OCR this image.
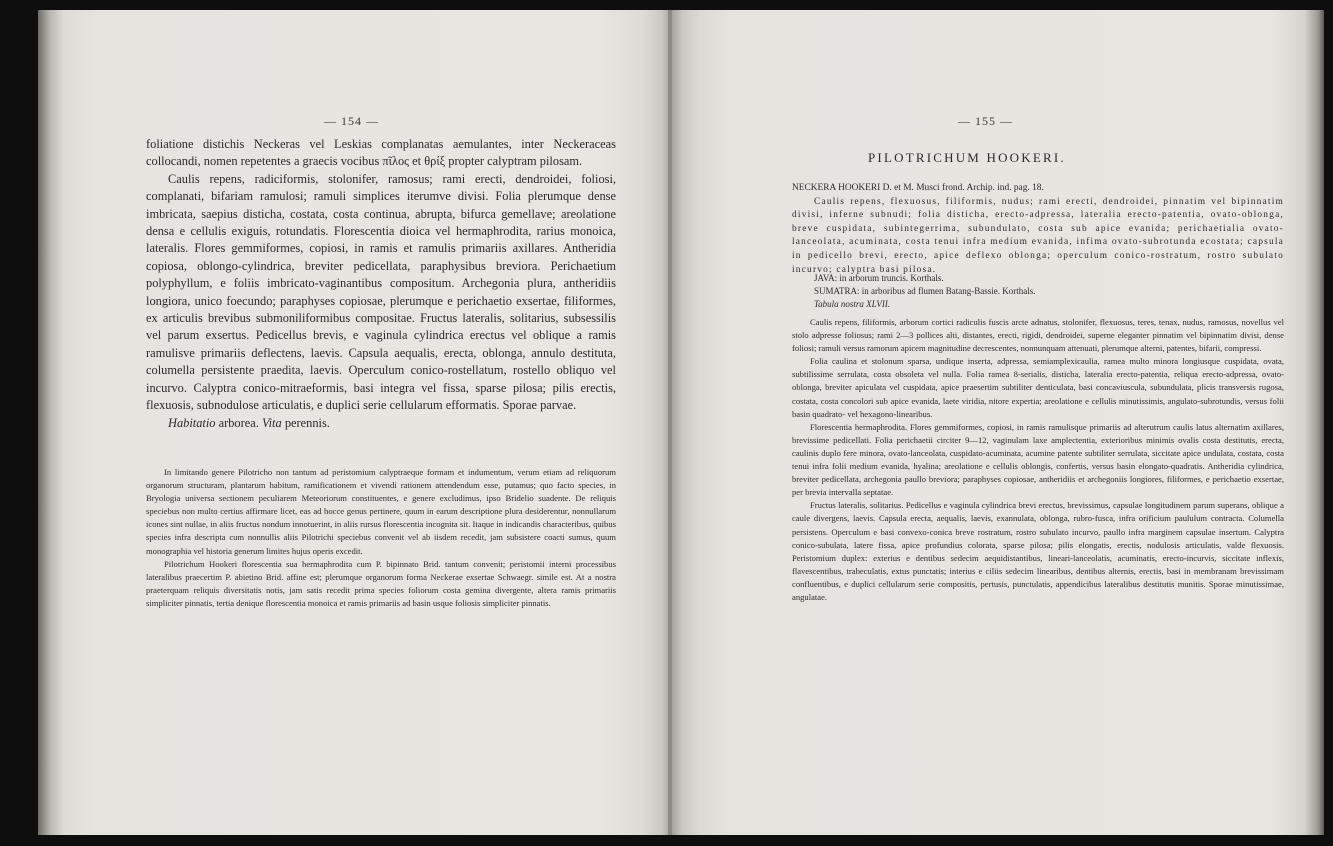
— 154 —

foliatione distichis Neckeras vel Leskias complanatas aemulantes, inter Neckeraceas collocandi, nomen repetentes a graecis vocibus πῖλος et θρίξ propter calyptram pilosam.

Caulis repens, radiciformis, stolonifer, ramosus; rami erecti, dendroidei, foliosi, complanati, bifariam ramulosi; ramuli simplices iterumve divisi. Folia plerumque dense imbricata, saepius disticha, costata, costa continua, abrupta, bifurca gemellave; areolatione densa e cellulis exiguis, rotundatis. Florescentia dioica vel hermaphrodita, rarius monoica, lateralis. Flores gemmiformes, copiosi, in ramis et ramulis primariis axillares. Antheridia copiosa, oblongo-cylindrica, breviter pedicellata, paraphysibus breviora. Perichaetium polyphyllum, e foliis imbricato-vaginantibus compositum. Archegonia plura, antheridiis longiora, unico foecundo; paraphyses copiosae, plerumque e perichaetio exsertae, filiformes, ex articulis brevibus submoniliformibus compositae. Fructus lateralis, solitarius, subsessilis vel parum exsertus. Pedicellus brevis, e vaginula cylindrica erectus vel oblique a ramis ramulisve primariis deflectens, laevis. Capsula aequalis, erecta, oblonga, annulo destituta, columella persistente praedita, laevis. Operculum conico-rostellatum, rostello obliquo vel incurvo. Calyptra conico-mitraeformis, basi integra vel fissa, sparse pilosa; pilis erectis, flexuosis, subnodulose articulatis, e duplici serie cellularum efformatis. Sporae parvae.

Habitatio arborea. Vita perennis.

In limitando genere Pilotricho non tantum ad peristomium calyptraeque formam et indumentum, verum etiam ad reliquorum organorum structuram, plantarum habitum, ramificationem et vivendi rationem attendendum esse, putamus; quo facto species, in Bryologia universa sectionem peculiarem Meteoriorum constituentes, e genere excludimus, ipso Bridelio suadente. De reliquis speciebus non multo certius affirmare licet, eas ad hocce genus pertinere, quum in earum descriptione plura desiderentur, nonnullarum icones sint nullae, in aliis fructus nondum innotuerint, in aliis rursus florescentia incognita sit. Itaque in indicandis characteribus, quibus species infra descripta cum nonnullis aliis Pilotrichi speciebus convenit vel ab iisdem recedit, jam subsistere coacti sumus, quum monographia vel historia generum limites hujus operis excedit.

Pilotrichum Hookeri florescentia sua hermaphrodita cum P. bipinnato Brid. tantum convenit; peristomii interni processibus lateralibus praecertim P. abietino Brid. affine est; plerumque organorum forma Neckerae exsertae Schwaegr. simile est. At a nostra praeterquam reliquis diversitatis notis, jam satis recedit prima species foliorum costa gemina divergente, altera ramis primariis simpliciter pinnatis, tertia denique florescentia monoica et ramis primariis ad basin usque foliosis simpliciter pinnatis.

— 155 —
PILOTRICHUM HOOKERI.

NECKERA HOOKERI D. et M. Musci frond. Archip. ind. pag. 18.

Caulis repens, flexuosus, filiformis, nudus; rami erecti, dendroidei, pinnatim vel bipinnatim divisi, inferne subnudi; folia disticha, erecto-adpressa, lateralia erecto-patentia, ovato-oblonga, breve cuspidata, subintegerrima, subundulato, costa sub apice evanida; perichaetialia ovato-lanceolata, acuminata, costa tenui infra medium evanida, infima ovato-subrotunda ecostata; capsula in pedicello brevi, erecto, apice deflexo oblonga; operculum conico-rostratum, rostro subulato incurvo; calyptra basi pilosa.

JAVA: in arborum truncis. Korthals.

SUMATRA: in arboribus ad flumen Batang-Bassie. Korthals.

Tabula nostra XLVII.

Caulis repens, filiformis, arborum cortici radiculis fuscis arcte adnatus, stolonifer, flexuosus, teres, tenax, nudus, ramosus, novellus vel stolo adpresse foliosus; rami 2—3 pollices alti, distantes, erecti, rigidi, dendroidei, superne eleganter pinnatim vel bipinnatim divisi, dense foliosi; ramuli versus ramorum apicem magnitudine decrescentes, nonnunquam attenuati, plerumque alterni, patentes, bifarii, compressi.

Folia caulina et stolonum sparsa, undique inserta, adpressa, semiamplexicaulia, ramea multo minora longiusque cuspidata, ovata, subtilissime serrulata, costa obsoleta vel nulla. Folia ramea 8-serialis, disticha, lateralia erecto-patentia, reliqua erecto-adpressa, ovato-oblonga, breviter apiculata vel cuspidata, apice praesertim subtiliter denticulata, basi concaviuscula, subundulata, plicis transversis rugosa, costata, costa concolori sub apice evanida, laete viridia, nitore expertia; areolatione e cellulis minutissimis, angulato-subrotundis, versus folii basin quadrato- vel hexagono-linearibus.

Florescentia hermaphrodita. Flores gemmiformes, copiosi, in ramis ramulisque primariis ad alterutrum caulis latus alternatim axillares, brevissime pedicellati. Folia perichaetii circiter 9—12, vaginulam laxe amplectentia, exterioribus minimis ovalis costa destitutis, erecta, caulinis duplo fere minora, ovato-lanceolata, cuspidato-acuminata, acumine patente subtiliter serrulata, siccitate apice undulata, costata, costa tenui infra folii medium evanida, hyalina; areolatione e cellulis oblongis, confertis, versus basin elongato-quadratis. Antheridia cylindrica, breviter pedicellata, archegonia paullo breviora; paraphyses copiosae, antheridiis et archegoniis longiores, filiformes, e perichaetio exsertae, per brevia intervalla septatae.

Fructus lateralis, solitarius. Pedicellus e vaginula cylindrica brevi erectus, brevissimus, capsulae longitudinem parum superans, oblique a caule divergens, laevis. Capsula erecta, aequalis, laevis, exannulata, oblonga, rubro-fusca, infra orificium paululum contracta. Columella persistens. Operculum e basi convexo-conica breve rostratum, rostro subulato incurvo, paullo infra marginem capsulae insertum. Calyptra conico-subulata, latere fissa, apice profundius colorata, sparse pilosa; pilis elongatis, erectis, nodulosis articulatis, valde flexuosis. Peristomium duplex: exterius e dentibus sedecim aequidistantibus, lineari-lanceolatis, acuminatis, erecto-incurvis, siccitate inflexis, flavescentibus, trabeculatis, extus punctatis; interius e ciliis sedecim linearibus, dentibus alternis, erectis, basi in membranam brevissimam confluentibus, e duplici cellularum serie compositis, pertusis, punctulatis, appendicibus lateralibus destitutis munitis. Sporae minutissimae, angulatae.
